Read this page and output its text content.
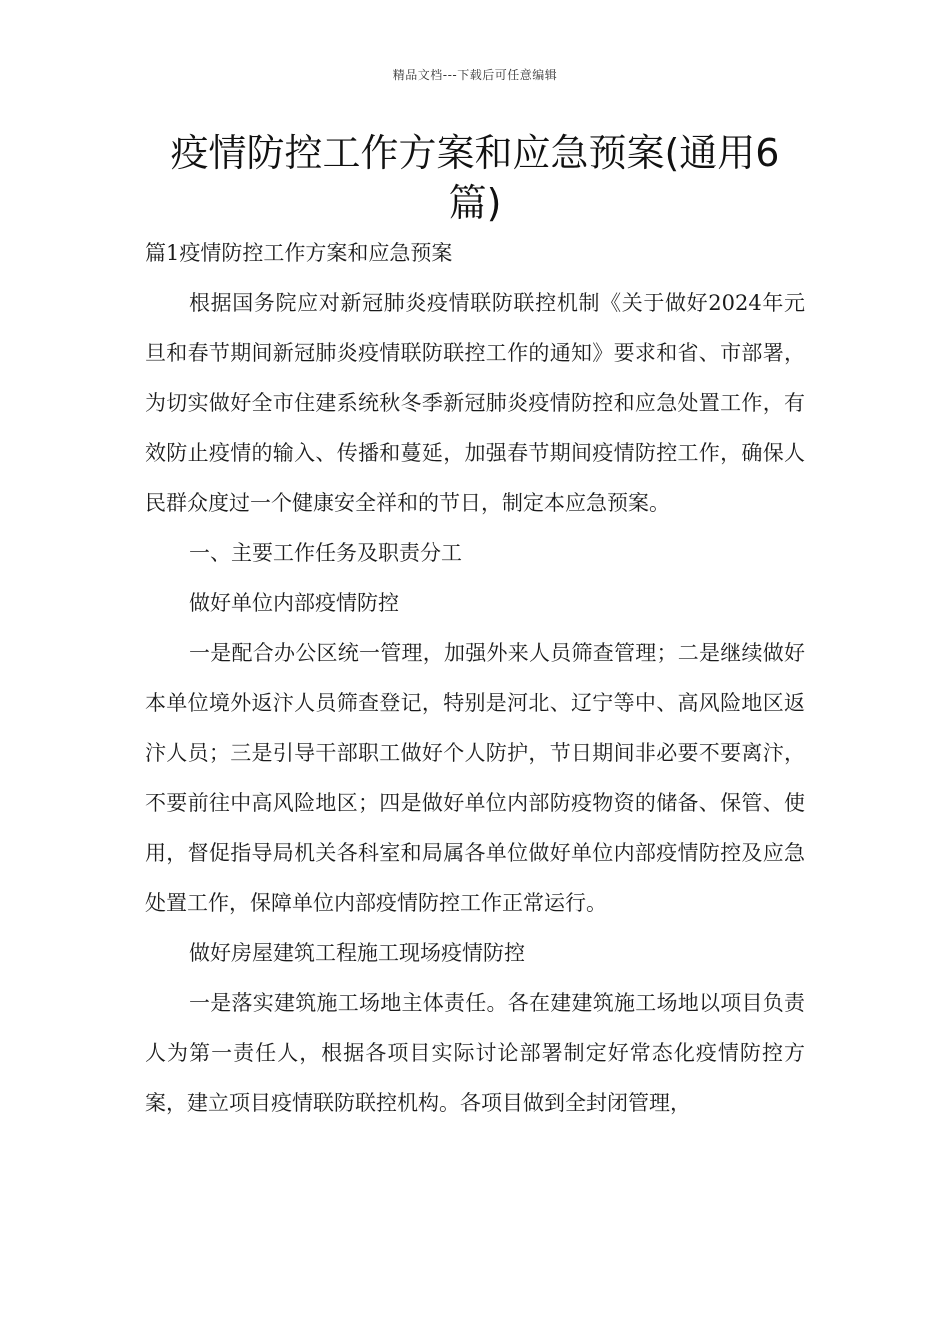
精品文档---下载后可任意编辑
疫情防控工作方案和应急预案(通用6篇)

篇1疫情防控工作方案和应急预案

根据国务院应对新冠肺炎疫情联防联控机制《关于做好2024年元旦和春节期间新冠肺炎疫情联防联控工作的通知》要求和省、市部署，为切实做好全市住建系统秋冬季新冠肺炎疫情防控和应急处置工作，有效防止疫情的输入、传播和蔓延，加强春节期间疫情防控工作，确保人民群众度过一个健康安全祥和的节日，制定本应急预案。

一、主要工作任务及职责分工

做好单位内部疫情防控

一是配合办公区统一管理，加强外来人员筛查管理；二是继续做好本单位境外返汴人员筛查登记，特别是河北、辽宁等中、高风险地区返汴人员；三是引导干部职工做好个人防护，节日期间非必要不要离汴，不要前往中高风险地区；四是做好单位内部防疫物资的储备、保管、使用，督促指导局机关各科室和局属各单位做好单位内部疫情防控及应急处置工作，保障单位内部疫情防控工作正常运行。

做好房屋建筑工程施工现场疫情防控

一是落实建筑施工场地主体责任。各在建建筑施工场地以项目负责人为第一责任人，根据各项目实际讨论部署制定好常态化疫情防控方案，建立项目疫情联防联控机构。各项目做到全封闭管理，
